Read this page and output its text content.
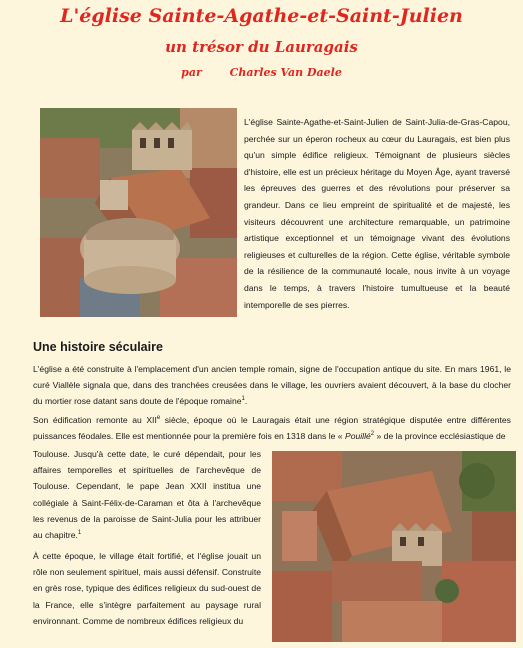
L'église Sainte-Agathe-et-Saint-Julien
un trésor du Lauragais
par	Charles Van Daele

L'église Sainte-Agathe-et-Saint-Julien de Saint-Julia-de-Gras-Capou, perchée sur un éperon rocheux au cœur du Lauragais, est bien plus qu'un simple édifice religieux. Témoignant de plusieurs siècles d'histoire, elle est un précieux héritage du Moyen Âge, ayant traversé les épreuves des guerres et des révolutions pour préserver sa grandeur. Dans ce lieu empreint de spiritualité et de majesté, les visiteurs découvrent une architecture remarquable, un patrimoine artistique exceptionnel et un témoignage vivant des évolutions religieuses et culturelles de la région. Cette église, véritable symbole de la résilience de la communauté locale, nous invite à un voyage dans le temps, à travers l'histoire tumultueuse et la beauté intemporelle de ses pierres.

Une histoire séculaire

L'église a été construite à l'emplacement d'un ancien temple romain, signe de l'occupation antique du site. En mars 1961, le curé Viallèle signala que, dans des tranchées creusées dans le village, les ouvriers avaient découvert, à la base du clocher du mortier rose datant sans doute de l'époque romaine$^1$.

Son édification remonte au XIIe siècle, époque où le Lauragais était une région stratégique disputée entre différentes puissances féodales. Elle est mentionnée pour la première fois en 1318 dans le « Pouillé$^2$ » de la province ecclésiastique de

Toulouse. Jusqu'à cette date, le curé dépendait, pour les affaires temporelles et spirituelles de l'archevêque de Toulouse. Cependant, le pape Jean XXII institua une collégiale à Saint-Félix-de-Caraman et ôta à l'archevêque les revenus de la paroisse de Saint-Julia pour les attribuer au chapitre.$^1$

À cette époque, le village était fortifié, et l'église jouait un rôle non seulement spirituel, mais aussi défensif. Construite en grès rose, typique des édifices religieux du sud-ouest de la France, elle s'intègre parfaitement au paysage rural environnant. Comme de nombreux édifices religieux du
